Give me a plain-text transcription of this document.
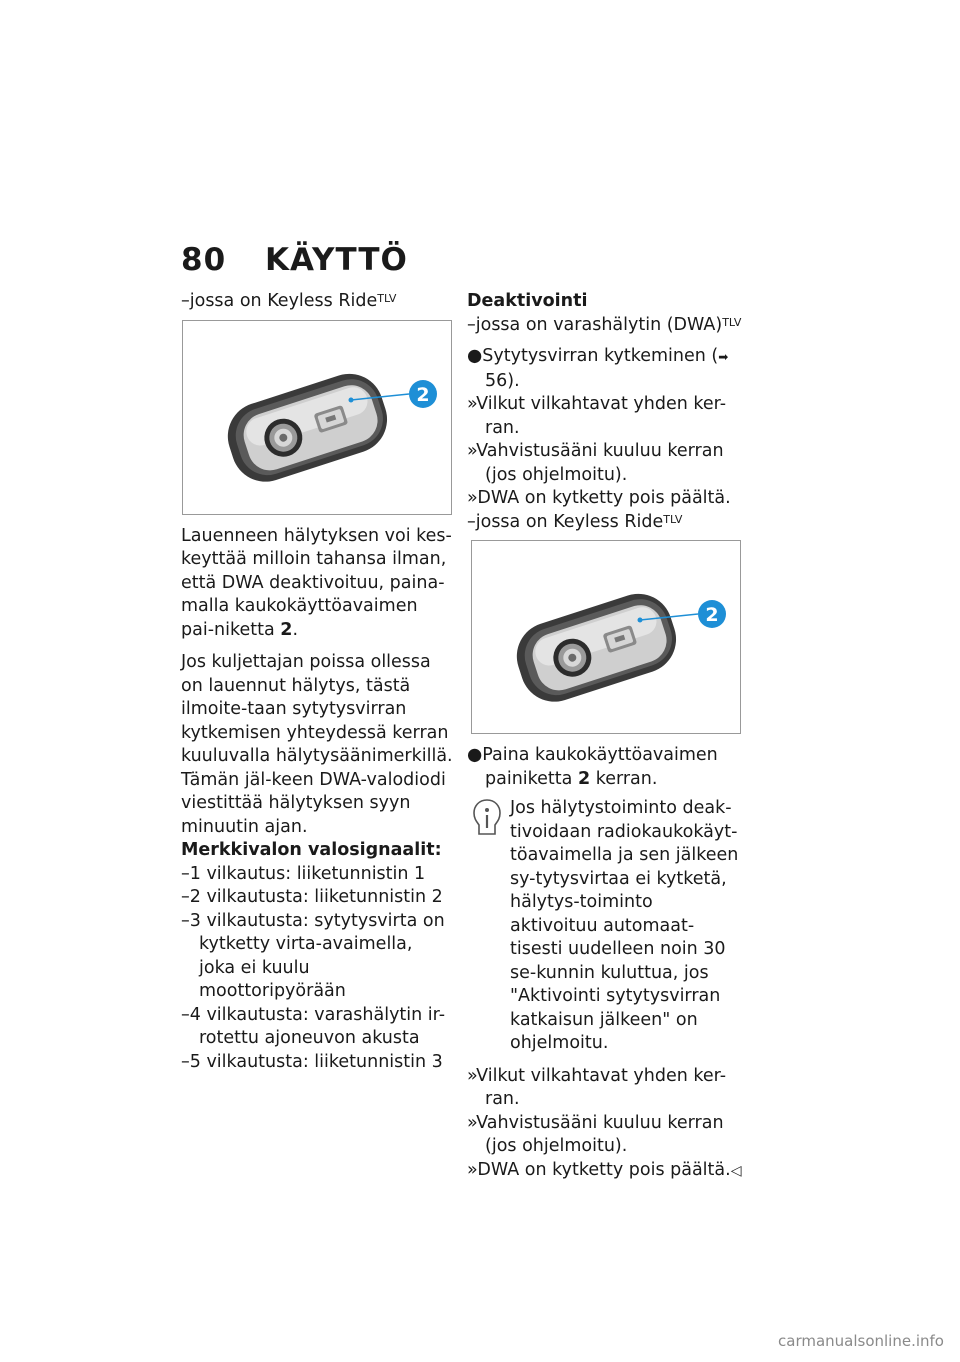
80 KÄYTTÖ

–jossa on Keyless Ride$^{TLV}$

2

Lauenneen hälytyksen voi kes-keyttää milloin tahansa ilman, että DWA deaktivoituu, paina-malla kaukokäyttöavaimen pai-niketta 2.

Jos kuljettajan poissa ollessa on lauennut hälytys, tästä ilmoite-taan sytytysvirran kytkemisen yhteydessä kerran kuuluvalla hälytysäänimerkillä. Tämän jäl-keen DWA-valodiodi viestittää hälytyksen syyn minuutin ajan.

Merkkivalon valosignaalit:

–1 vilkautus: liiketunnistin 1

–2 vilkautusta: liiketunnistin 2

–3 vilkautusta: sytytysvirta on kytketty virta-avaimella, joka ei kuulu moottoripyörään

–4 vilkautusta: varashälytin ir-rotettu ajoneuvon akusta

–5 vilkautusta: liiketunnistin 3

Deaktivointi

–jossa on varashälytin (DWA)$^{TLV}$

●Sytytysvirran kytkeminen (➡ 56).

»Vilkut vilkahtavat yhden ker-ran.

»Vahvistusääni kuuluu kerran (jos ohjelmoitu).

»DWA on kytketty pois päältä.

–jossa on Keyless Ride$^{TLV}$

2

●Paina kaukokäyttöavaimen painiketta 2 kerran.

Jos hälytystoiminto deak-tivoidaan radiokaukokäyt-töavaimella ja sen jälkeen sy-tytysvirtaa ei kytketä, hälytys-toiminto aktivoituu automaat-tisesti uudelleen noin 30 se-kunnin kuluttua, jos "Aktivointi sytytysvirran katkaisun jälkeen" on ohjelmoitu.

»Vilkut vilkahtavat yhden ker-ran.

»Vahvistusääni kuuluu kerran (jos ohjelmoitu).

»DWA on kytketty pois päältä.◁

carmanualsonline.info
